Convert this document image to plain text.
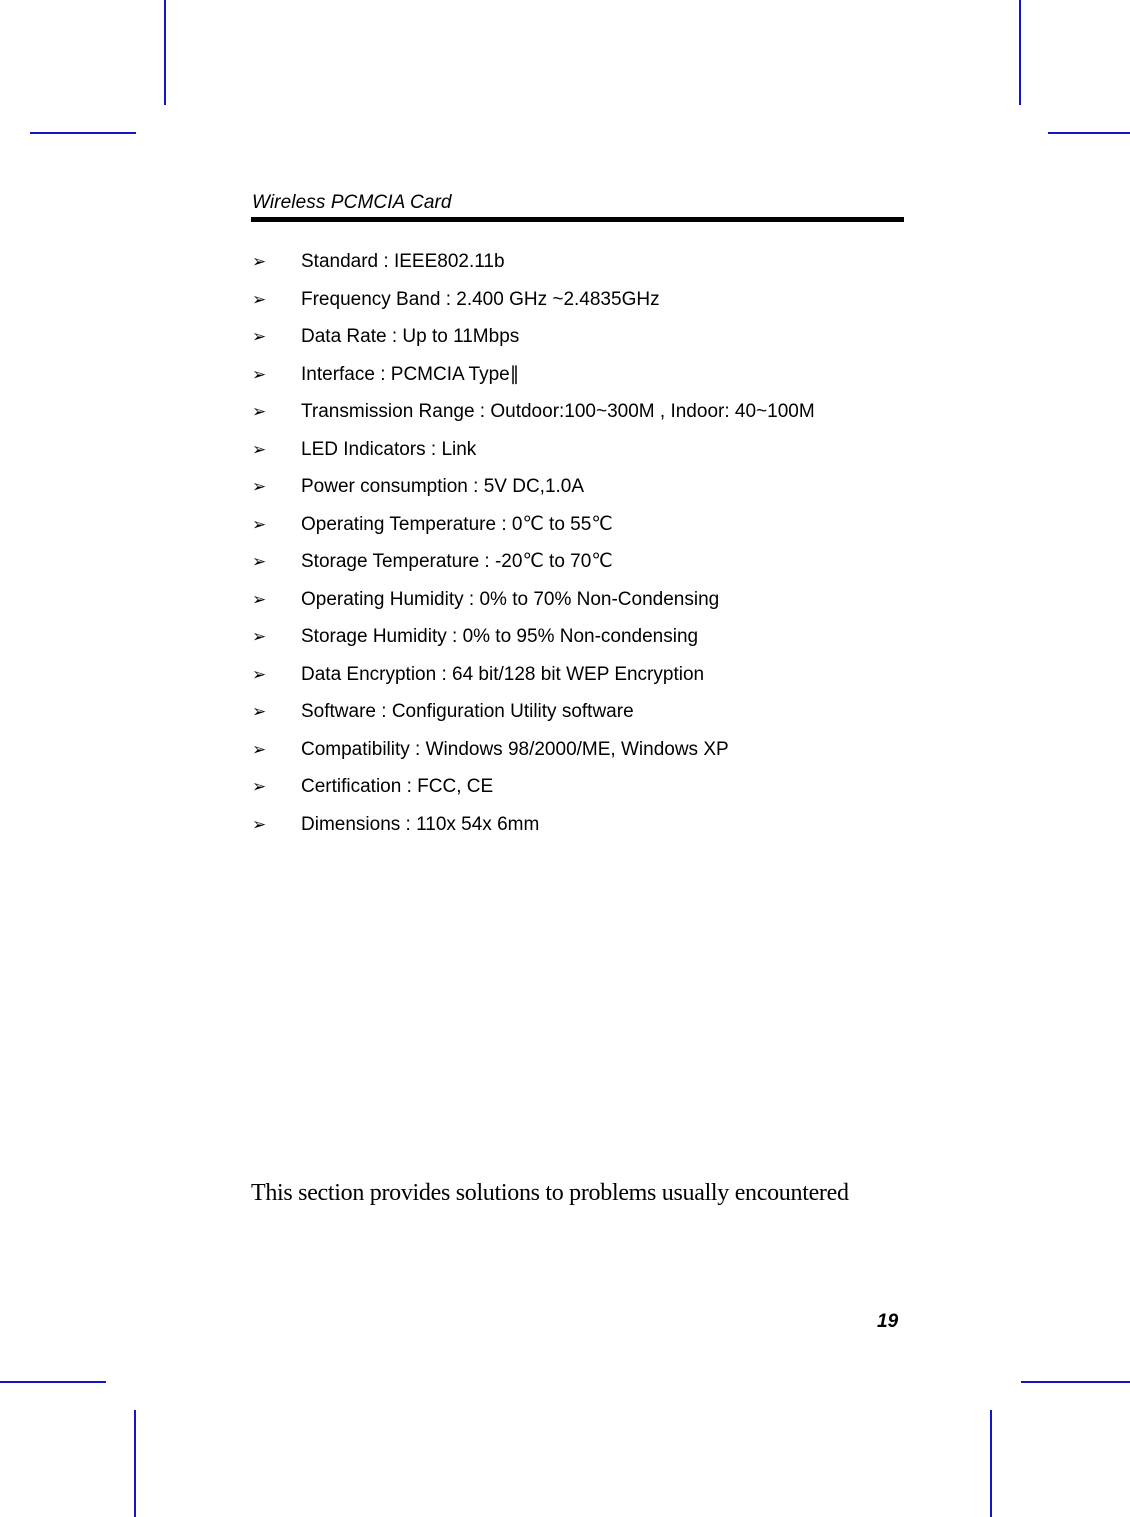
Wireless PCMCIA Card
➢	Standard : IEEE802.11b
➢	Frequency Band : 2.400 GHz ~2.4835GHz
➢	Data Rate : Up to 11Mbps
➢	Interface : PCMCIA Type∥
➢	Transmission Range : Outdoor:100~300M , Indoor: 40~100M
➢	LED Indicators : Link
➢	Power consumption : 5V DC,1.0A
➢	Operating Temperature : 0℃ to 55℃
➢	Storage Temperature : -20℃ to 70℃
➢	Operating Humidity : 0% to 70% Non-Condensing
➢	Storage Humidity : 0% to 95% Non-condensing
➢	Data Encryption : 64 bit/128 bit WEP Encryption
➢	Software : Configuration Utility software
➢	Compatibility : Windows 98/2000/ME, Windows XP
➢	Certification : FCC, CE
➢	Dimensions : 110x 54x 6mm
This section provides solutions to problems usually encountered
19
